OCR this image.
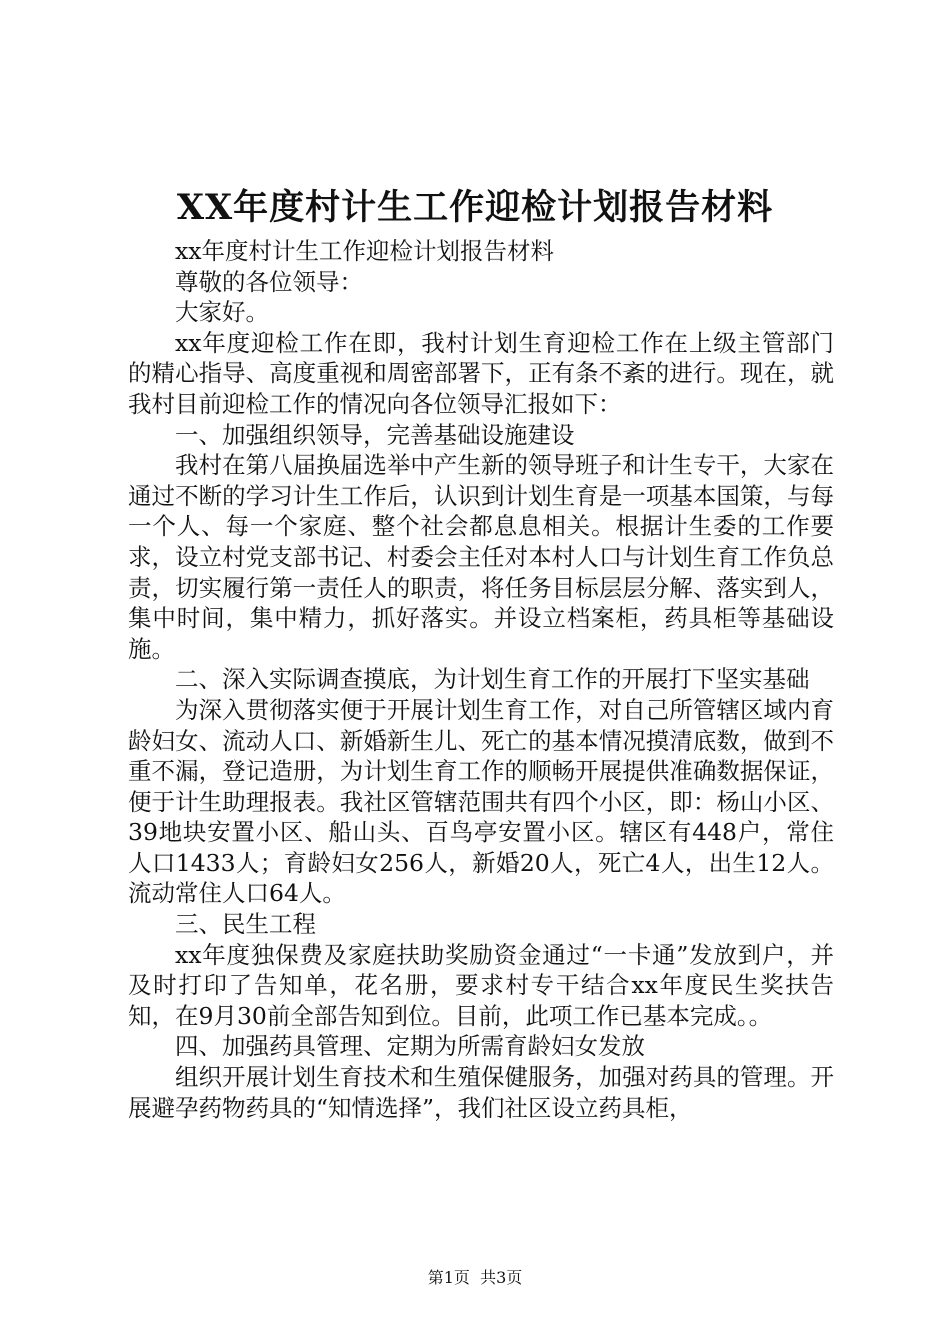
XX年度村计生工作迎检计划报告材料

xx年度村计生工作迎检计划报告材料

尊敬的各位领导：

大家好。

xx年度迎检工作在即，我村计划生育迎检工作在上级主管部门的精心指导、高度重视和周密部署下，正有条不紊的进行。现在，就我村目前迎检工作的情况向各位领导汇报如下：

一、加强组织领导，完善基础设施建设

我村在第八届换届选举中产生新的领导班子和计生专干，大家在通过不断的学习计生工作后，认识到计划生育是一项基本国策，与每一个人、每一个家庭、整个社会都息息相关。根据计生委的工作要求，设立村党支部书记、村委会主任对本村人口与计划生育工作负总责，切实履行第一责任人的职责，将任务目标层层分解、落实到人，集中时间，集中精力，抓好落实。并设立档案柜，药具柜等基础设施。

二、深入实际调查摸底，为计划生育工作的开展打下坚实基础

为深入贯彻落实便于开展计划生育工作，对自己所管辖区域内育龄妇女、流动人口、新婚新生儿、死亡的基本情况摸清底数，做到不重不漏，登记造册，为计划生育工作的顺畅开展提供准确数据保证，便于计生助理报表。我社区管辖范围共有四个小区，即：杨山小区、39地块安置小区、船山头、百鸟亭安置小区。辖区有448户，常住人口1433人；育龄妇女256人，新婚20人，死亡4人，出生12人。流动常住人口64人。

三、民生工程

xx年度独保费及家庭扶助奖励资金通过“一卡通”发放到户，并及时打印了告知单，花名册，要求村专干结合xx年度民生奖扶告知，在9月30前全部告知到位。目前，此项工作已基本完成。。

四、加强药具管理、定期为所需育龄妇女发放

组织开展计划生育技术和生殖保健服务，加强对药具的管理。开展避孕药物药具的“知情选择”，我们社区设立药具柜，

第1页 共3页
